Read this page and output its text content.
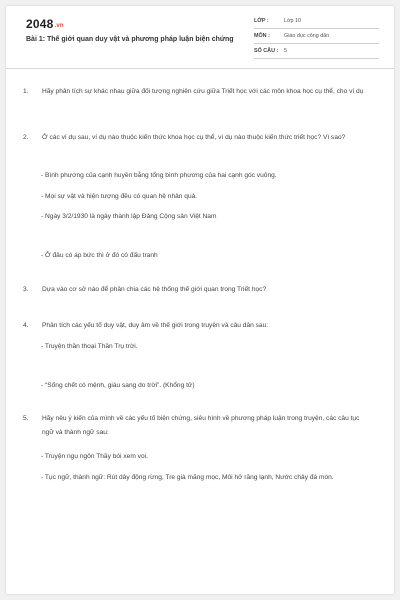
2048.vn
Bài 1: Thế giới quan duy vật và phương pháp luận biện chứng
LỚP :	Lớp 10
MÔN :	Giáo dục công dân
SỐ CÂU : 5
1. Hãy phân tích sự khác nhau giữa đối tượng nghiên cứu giữa Triết học với các môn khoa học cụ thể, cho ví dụ
2. Ở các ví dụ sau, ví dụ nào thuộc kiến thức khoa học cụ thể, ví dụ nào thuộc kiến thức triết học? Vì sao?
- Bình phương của cạnh huyền bằng tổng bình phương của hai cạnh góc vuông.
- Mọi sự vật và hiện tượng đều có quan hệ nhân quả.
- Ngày 3/2/1930 là ngày thành lập Đảng Cộng sản Việt Nam
- Ở đâu có áp bức thì ở đó có đấu tranh
3. Dựa vào cơ sở nào để phân chia các hệ thống thế giới quan trong Triết học?
4. Phân tích các yếu tố duy vật, duy âm về thế giới trong truyện và câu dân sau:
- Truyện thần thoại Thần Trụ trời.
- “Sống chết có mệnh, giàu sang do trời”. (Khổng tử)
5. Hãy nêu ý kiến của mình về các yếu tố biện chứng, siêu hình về phương pháp luận trong truyện, các câu tục ngữ và thành ngữ sau:
- Truyện ngụ ngôn Thầy bói xem voi.
- Tục ngữ, thành ngữ: Rút dây động rừng, Tre già măng mọc, Môi hở răng lạnh, Nước chảy đá mòn.
